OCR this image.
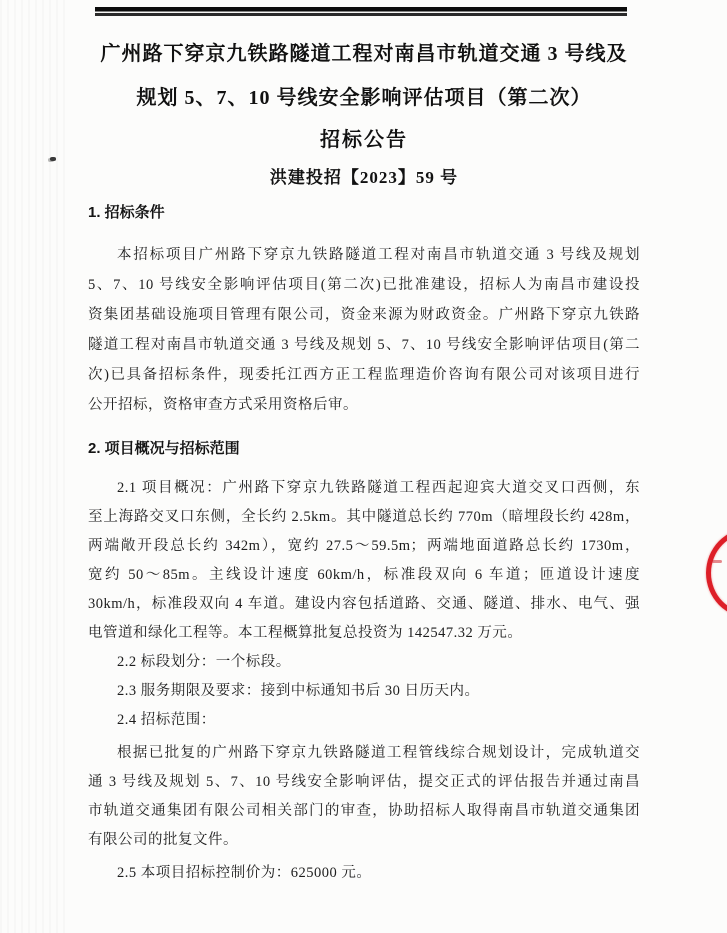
广州路下穿京九铁路隧道工程对南昌市轨道交通 3 号线及
规划 5、7、10 号线安全影响评估项目（第二次）
招标公告
洪建投招【2023】59 号
1. 招标条件
本招标项目广州路下穿京九铁路隧道工程对南昌市轨道交通 3 号线及规划
5、7、10 号线安全影响评估项目(第二次)已批准建设，招标人为南昌市建设投
资集团基础设施项目管理有限公司，资金来源为财政资金。广州路下穿京九铁路
隧道工程对南昌市轨道交通 3 号线及规划 5、7、10 号线安全影响评估项目(第二
次)已具备招标条件，现委托江西方正工程监理造价咨询有限公司对该项目进行
公开招标，资格审查方式采用资格后审。
2. 项目概况与招标范围
2.1 项目概况：广州路下穿京九铁路隧道工程西起迎宾大道交叉口西侧，东
至上海路交叉口东侧，全长约 2.5km。其中隧道总长约 770m（暗埋段长约 428m，
两端敞开段总长约 342m），宽约 27.5～59.5m；两端地面道路总长约 1730m，
宽约 50～85m。主线设计速度 60km/h，标准段双向 6 车道；匝道设计速度
30km/h，标准段双向 4 车道。建设内容包括道路、交通、隧道、排水、电气、强
电管道和绿化工程等。本工程概算批复总投资为 142547.32 万元。
2.2 标段划分：一个标段。
2.3 服务期限及要求：接到中标通知书后 30 日历天内。
2.4 招标范围：
根据已批复的广州路下穿京九铁路隧道工程管线综合规划设计，完成轨道交
通 3 号线及规划 5、7、10 号线安全影响评估，提交正式的评估报告并通过南昌
市轨道交通集团有限公司相关部门的审查，协助招标人取得南昌市轨道交通集团
有限公司的批复文件。
2.5 本项目招标控制价为：625000 元。
